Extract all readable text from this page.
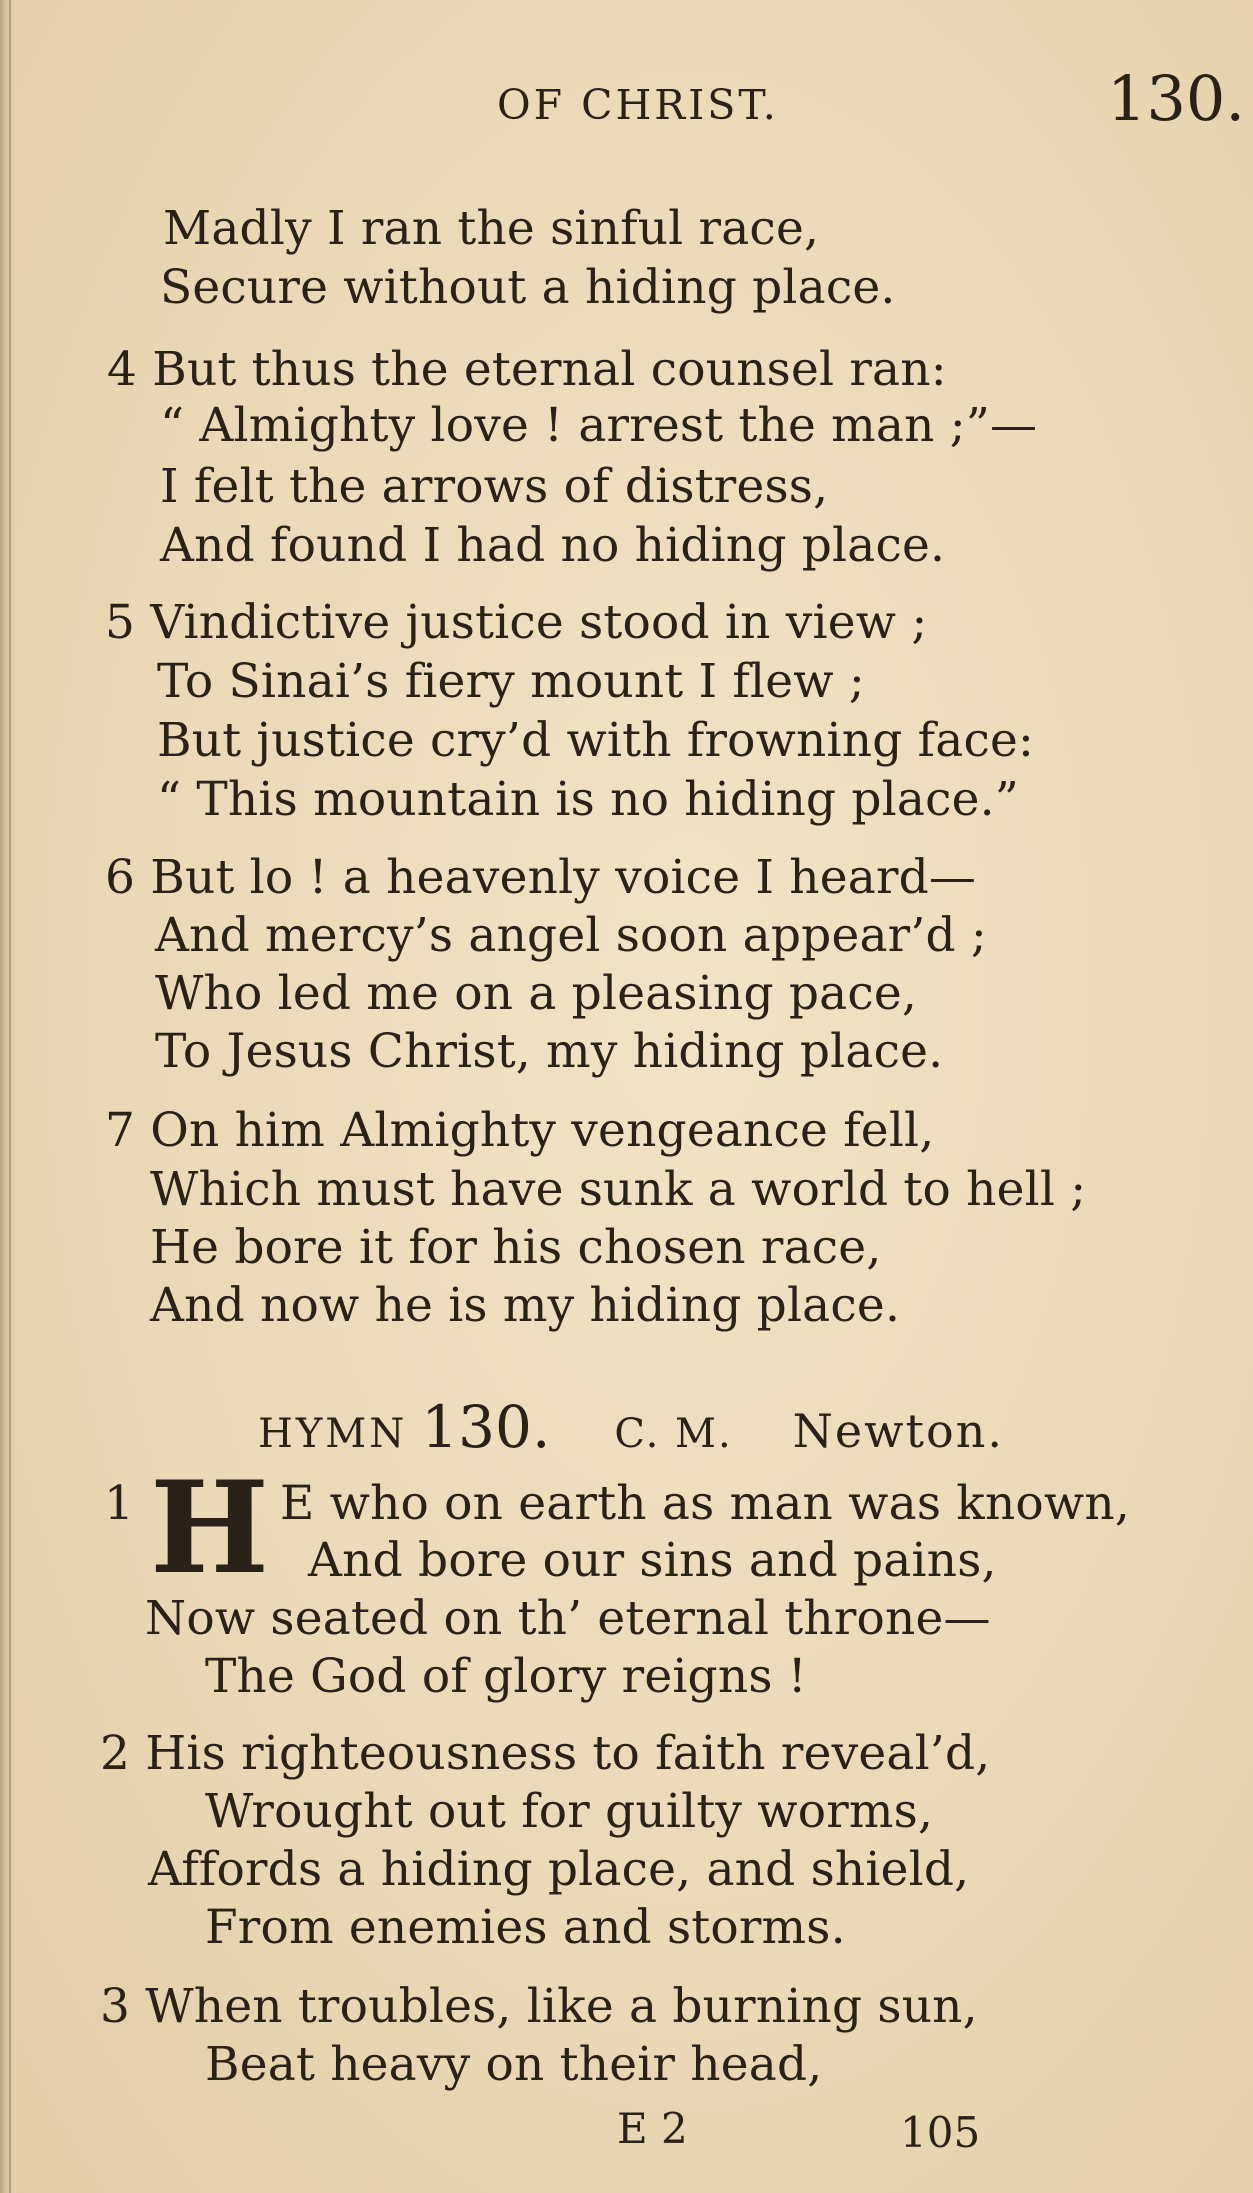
OF CHRIST.	130.
Madly I ran the sinful race,
Secure without a hiding place.
4 But thus the eternal counsel ran:
“ Almighty love ! arrest the man ;”—
I felt the arrows of distress,
And found I had no hiding place.
5 Vindictive justice stood in view ;
To Sinai’s fiery mount I flew ;
But justice cry’d with frowning face:
“ This mountain is no hiding place.”
6 But lo ! a heavenly voice I heard—
And mercy’s angel soon appear’d ;
Who led me on a pleasing pace,
To Jesus Christ, my hiding place.
7 On him Almighty vengeance fell,
Which must have sunk a world to hell ;
He bore it for his chosen race,
And now he is my hiding place.
HYMN 130. C. M. Newton.
1 H E who on earth as man was known,
And bore our sins and pains,
Now seated on th’ eternal throne—
The God of glory reigns !
2 His righteousness to faith reveal’d,
Wrought out for guilty worms,
Affords a hiding place, and shield,
From enemies and storms.
3 When troubles, like a burning sun,
Beat heavy on their head,
E 2	105
